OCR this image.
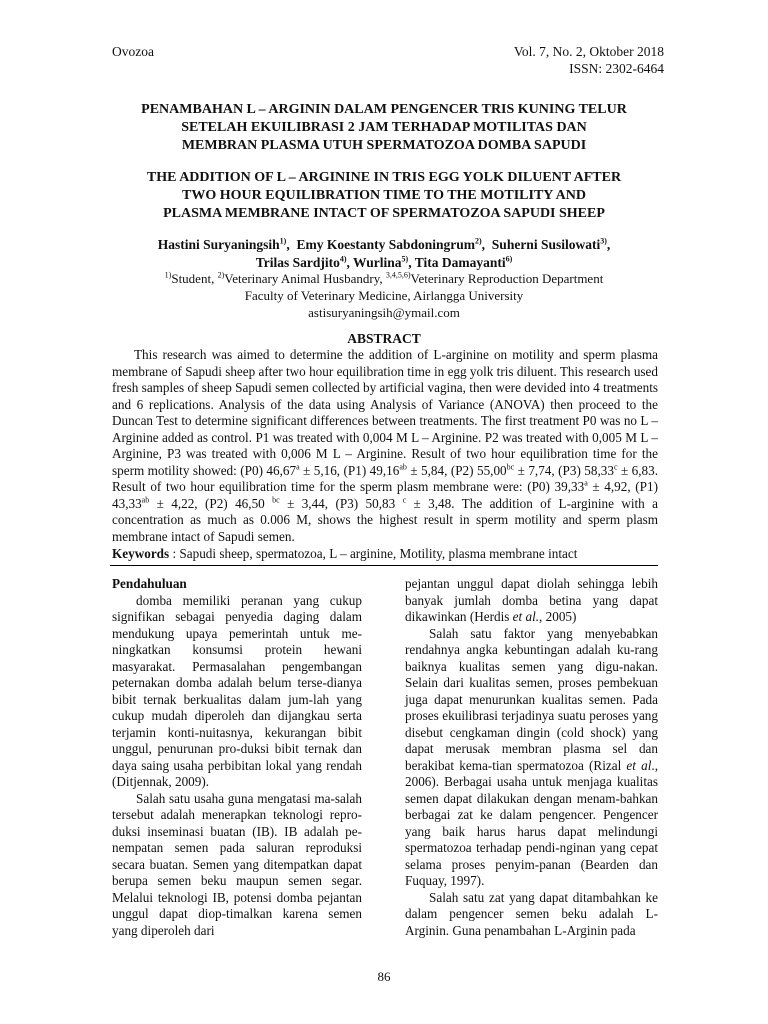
Ovozoa	Vol. 7, No. 2, Oktober 2018
ISSN: 2302-6464
PENAMBAHAN L – ARGININ DALAM PENGENCER TRIS KUNING TELUR
SETELAH EKUILIBRASI 2 JAM TERHADAP MOTILITAS DAN
MEMBRAN PLASMA UTUH SPERMATOZOA DOMBA SAPUDI
THE ADDITION OF L – ARGININE IN TRIS EGG YOLK DILUENT AFTER
TWO HOUR EQUILIBRATION TIME TO THE MOTILITY AND
PLASMA MEMBRANE INTACT OF SPERMATOZOA SAPUDI SHEEP
Hastini Suryaningsih$^{1)}$,  Emy Koestanty Sabdoningrum$^{2)}$,  Suherni Susilowati$^{3)}$,
Trilas Sardjito$^{4)}$, Wurlina$^{5)}$, Tita Damayanti$^{6)}$
$^{1)}$Student, $^{2)}$Veterinary Animal Husbandry, $^{3,4,5,6)}$Veterinary Reproduction Department
Faculty of Veterinary Medicine, Airlangga University
astisuryaningsih@ymail.com
ABSTRACT
This research was aimed to determine the addition of L-arginine on motility and sperm plasma membrane of Sapudi sheep after two hour equilibration time in egg yolk tris diluent. This research used fresh samples of sheep Sapudi semen collected by artificial vagina, then were devided into 4 treatments and 6 replications. Analysis of the data using Analysis of Variance (ANOVA) then proceed to the Duncan Test to determine significant differences between treatments. The first treatment P0 was no L – Arginine added as control. P1 was treated with 0,004 M L – Arginine. P2 was treated with 0,005 M L – Arginine, P3 was treated with 0,006 M L – Arginine. Result of two hour equilibration time for the sperm motility showed: (P0) 46,67$^a$ ± 5,16, (P1) 49,16$^{ab}$ ± 5,84, (P2) 55,00$^{bc}$ ± 7,74, (P3) 58,33$^c$ ± 6,83. Result of two hour equilibration time for the sperm plasm membrane were: (P0) 39,33$^a$ ± 4,92, (P1) 43,33$^{ab}$ ± 4,22, (P2) 46,50 $^{bc}$ ± 3,44, (P3) 50,83 $^c$ ± 3,48. The addition of L-arginine with a concentration as much as 0.006 M, shows the highest result in sperm motility and sperm plasm membrane intact of Sapudi semen.
Keywords : Sapudi sheep, spermatozoa, L – arginine, Motility, plasma membrane intact
Pendahuluan

domba memiliki peranan yang cukup signifikan sebagai penyedia daging dalam mendukung upaya pemerintah untuk me-ningkatkan konsumsi protein hewani masyarakat. Permasalahan pengembangan peternakan domba adalah belum terse-dianya bibit ternak berkualitas dalam jum-lah yang cukup mudah diperoleh dan dijangkau serta terjamin konti-nuitasnya, kekurangan bibit unggul, penurunan pro-duksi bibit ternak dan daya saing usaha perbibitan lokal yang rendah (Ditjennak, 2009).

Salah satu usaha guna mengatasi ma-salah tersebut adalah menerapkan teknologi repro-duksi inseminasi buatan (IB). IB adalah pe-nempatan semen pada saluran reproduksi secara buatan. Semen yang ditempatkan dapat berupa semen beku maupun semen segar. Melalui teknologi IB, potensi domba pejantan unggul dapat diop-timalkan karena semen yang diperoleh dari

pejantan unggul dapat diolah sehingga lebih banyak jumlah domba betina yang dapat dikawinkan (Herdis et al., 2005)

Salah satu faktor yang menyebabkan rendahnya angka kebuntingan adalah ku-rang baiknya kualitas semen yang digu-nakan. Selain dari kualitas semen, proses pembekuan juga dapat menurunkan kualitas semen. Pada proses ekuilibrasi terjadinya suatu peroses yang disebut cengkaman dingin (cold shock) yang dapat merusak membran plasma sel dan berakibat kema-tian spermatozoa (Rizal et al., 2006). Berbagai usaha untuk menjaga kualitas semen dapat dilakukan dengan menam-bahkan berbagai zat ke dalam pengencer. Pengencer yang baik harus harus dapat melindungi spermatozoa terhadap pendi-nginan yang cepat selama proses penyim-panan (Bearden dan Fuquay, 1997).

Salah satu zat yang dapat ditambahkan ke dalam pengencer semen beku adalah L-Arginin. Guna penambahan L-Arginin pada

86
